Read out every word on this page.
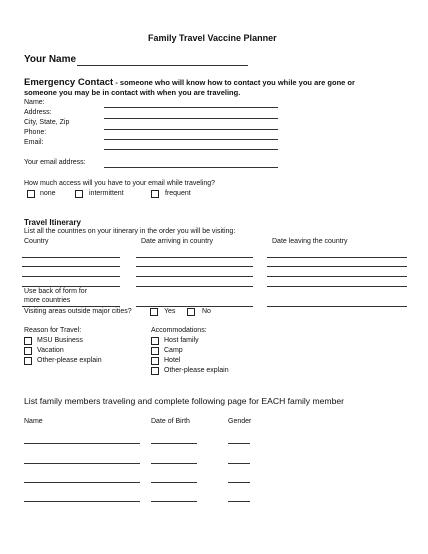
Family Travel Vaccine Planner
Your Name
Emergency Contact - someone who will know how to contact you while you are gone or
someone you may be in contact with when you are traveling.
Name:
Address:
City, State, Zip
Phone:
Email:
Your email address:
How much access will you have to your email while traveling?
none	intermittent	frequent
Travel Itinerary
List all the countries on your itinerary in the order you will be visiting:
Country	Date arriving in country	Date leaving the country
Use back of form for
more countries
Visiting areas outside major cities?	Yes	No
Reason for Travel:
MSU Business
Vacation
Other-please explain
Accommodations:
Host family
Camp
Hotel
Other-please explain
List family members traveling and complete following page for EACH family member
Name	Date of Birth	Gender
